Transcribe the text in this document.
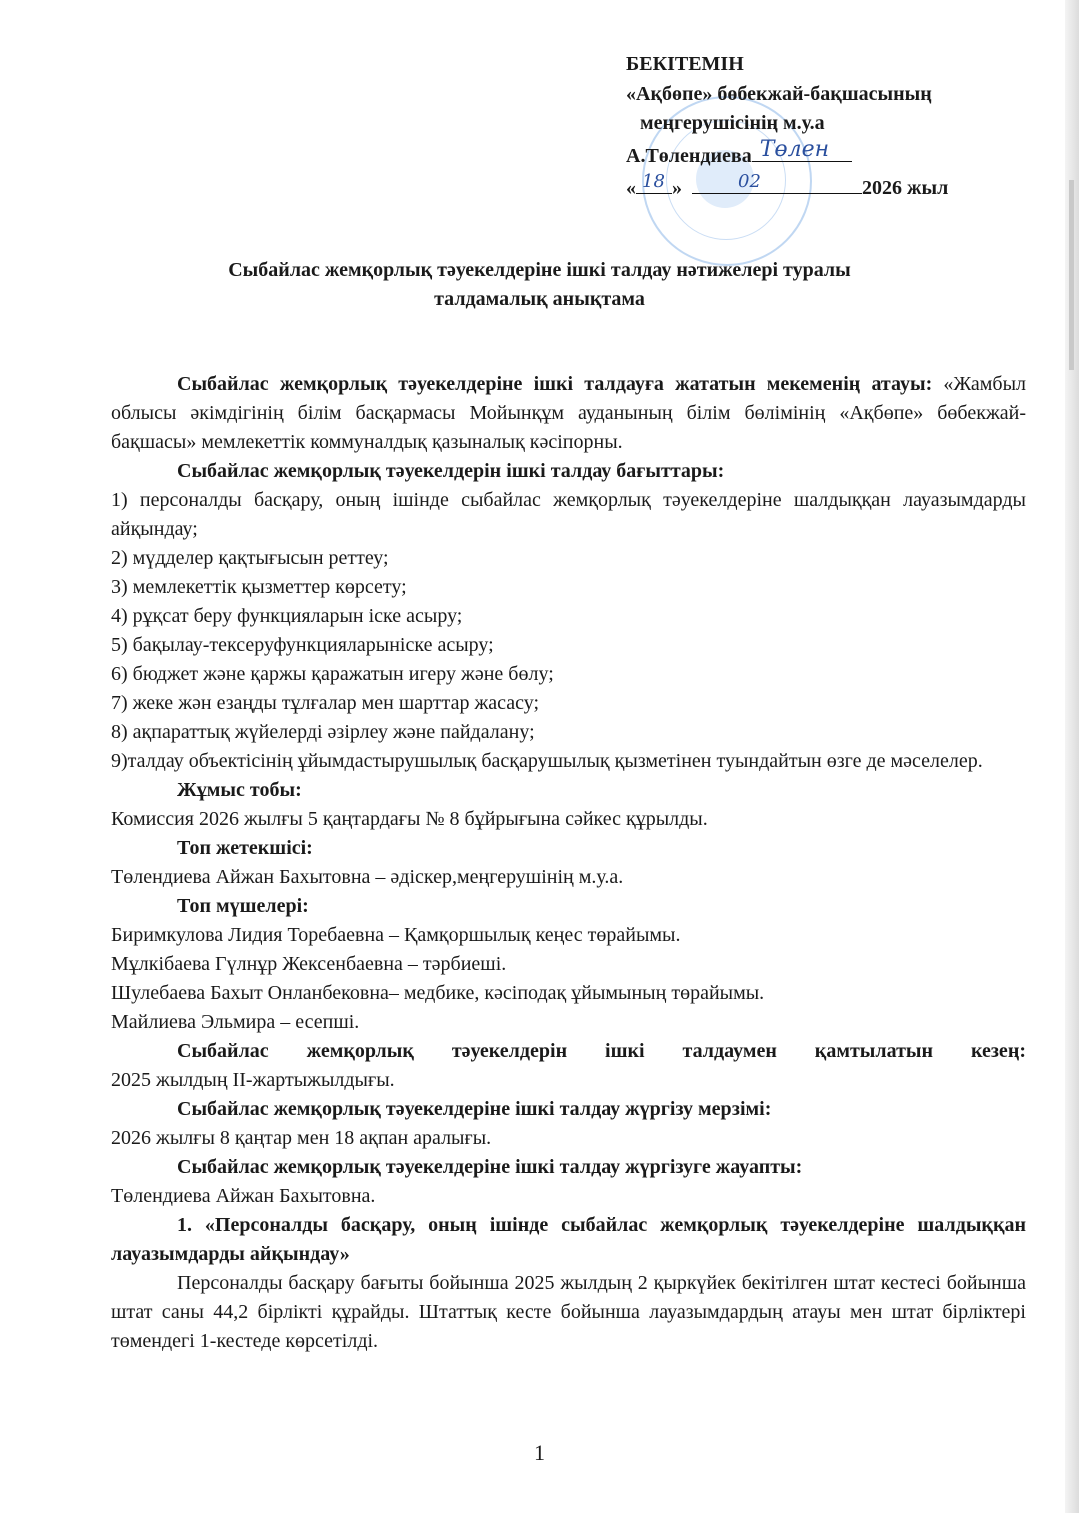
БЕКІТЕМІН
«Ақбөпе» бөбекжай-бақшасының
меңгерушісінің м.у.а
А.Төлендиева Төлен
« 18 »	02	2026 жыл
Сыбайлас жемқорлық тәуекелдеріне ішкі талдау нәтижелері туралы
талдамалық анықтама

Сыбайлас жемқорлық тәуекелдеріне ішкі талдауға жататын мекеменің атауы: «Жамбыл облысы әкімдігінің білім басқармасы Мойынқұм ауданының білім бөлімінің «Ақбөпе» бөбекжай-бақшасы» мемлекеттік коммуналдық қазыналық кәсіпорны.

Сыбайлас жемқорлық тәуекелдерін ішкі талдау бағыттары:

1) персоналды басқару, оның ішінде сыбайлас жемқорлық тәуекелдеріне шалдыққан лауазымдарды айқындау;

2) мүдделер қақтығысын реттеу;

3) мемлекеттік қызметтер көрсету;

4) рұқсат беру функцияларын іске асыру;

5) бақылау-тексеруфункцияларыніске асыру;

6) бюджет және қаржы қаражатын игеру және бөлу;

7) жеке жән езаңды тұлғалар мен шарттар жасасу;

8) ақпараттық жүйелерді әзірлеу және пайдалану;

9)талдау объектісінің ұйымдастырушылық басқарушылық қызметінен туындайтын өзге де мәселелер.

Жұмыс тобы:

Комиссия 2026 жылғы 5 қаңтардағы № 8 бұйрығына сәйкес құрылды.

Топ жетекшісі:

Төлендиева Айжан Бахытовна – әдіскер,меңгерушінің м.у.а.

Топ мүшелері:

Биримкулова Лидия Торебаевна – Қамқоршылық кеңес төрайымы.

Мұлкібаева Гүлнұр Жексенбаевна – тәрбиеші.

Шулебаева Бахыт Онланбековна– медбике, кәсіподақ ұйымының төрайымы.

Майлиева Эльмира – есепші.

Сыбайлас жемқорлық тәуекелдерін ішкі талдаумен қамтылатын кезең:

2025 жылдың ІІ-жартыжылдығы.

Сыбайлас жемқорлық тәуекелдеріне ішкі талдау жүргізу мерзімі:

2026 жылғы 8 қаңтар мен 18 ақпан аралығы.

Сыбайлас жемқорлық тәуекелдеріне ішкі талдау жүргізуге жауапты:

Төлендиева Айжан Бахытовна.

1. «Персоналды басқару, оның ішінде сыбайлас жемқорлық тәуекелдеріне шалдыққан лауазымдарды айқындау»

Персоналды басқару бағыты бойынша 2025 жылдың 2 қыркүйек бекітілген штат кестесі бойынша штат саны 44,2 бірлікті құрайды. Штаттық кесте бойынша лауазымдардың атауы мен штат бірліктері төмендегі 1-кестеде көрсетілді.

1
